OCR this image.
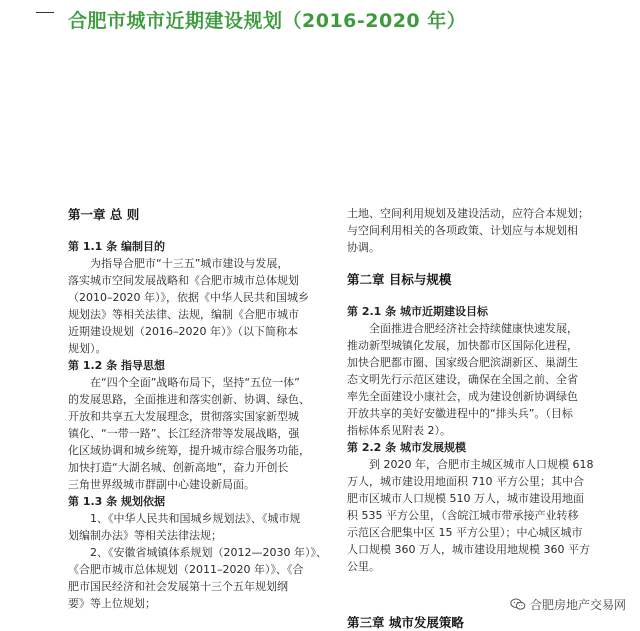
合肥市城市近期建设规划（2016-2020 年）

第一章 总 则

第 1.1 条 编制目的

为指导合肥市“十三五”城市建设与发展，

落实城市空间发展战略和《合肥市城市总体规划

（2010–2020 年）》，依据《中华人民共和国城乡

规划法》等相关法律、法规，编制《合肥市城市

近期建设规划（2016–2020 年）》（以下简称本

规划）。

第 1.2 条 指导思想

在“四个全面”战略布局下，坚持“五位一体”

的发展思路，全面推进和落实创新、协调、绿色、

开放和共享五大发展理念，贯彻落实国家新型城

镇化、“一带一路”、长江经济带等发展战略，强

化区域协调和城乡统筹，提升城市综合服务功能，

加快打造“大湖名城、创新高地”，奋力开创长

三角世界级城市群副中心建设新局面。

第 1.3 条 规划依据

1、《中华人民共和国城乡规划法》、《城市规

划编制办法》等相关法律法规；

2、《安徽省城镇体系规划（2012—2030 年）》、

《合肥市城市总体规划（2011–2020 年）》、《合

肥市国民经济和社会发展第十三个五年规划纲

要》等上位规划；

土地、空间利用规划及建设活动，应符合本规划；

与空间利用相关的各项政策、计划应与本规划相

协调。

第二章 目标与规模

第 2.1 条 城市近期建设目标

全面推进合肥经济社会持续健康快速发展，

推动新型城镇化发展，加快都市区国际化进程，

加快合肥都市圈、国家级合肥滨湖新区、巢湖生

态文明先行示范区建设，确保在全国之前、全省

率先全面建设小康社会，成为建设创新协调绿色

开放共享的美好安徽进程中的“排头兵”。（目标

指标体系见附表 2）。

第 2.2 条 城市发展规模

到 2020 年，合肥市主城区城市人口规模 618

万人，城市建设用地面积 710 平方公里；其中合

肥市区城市人口规模 510 万人，城市建设用地面

积 535 平方公里，（含皖江城市带承接产业转移

示范区合肥集中区 15 平方公里）；中心城区城市

人口规模 360 万人，城市建设用地规模 360 平方

公里。

第三章 城市发展策略
合肥房地产交易网
